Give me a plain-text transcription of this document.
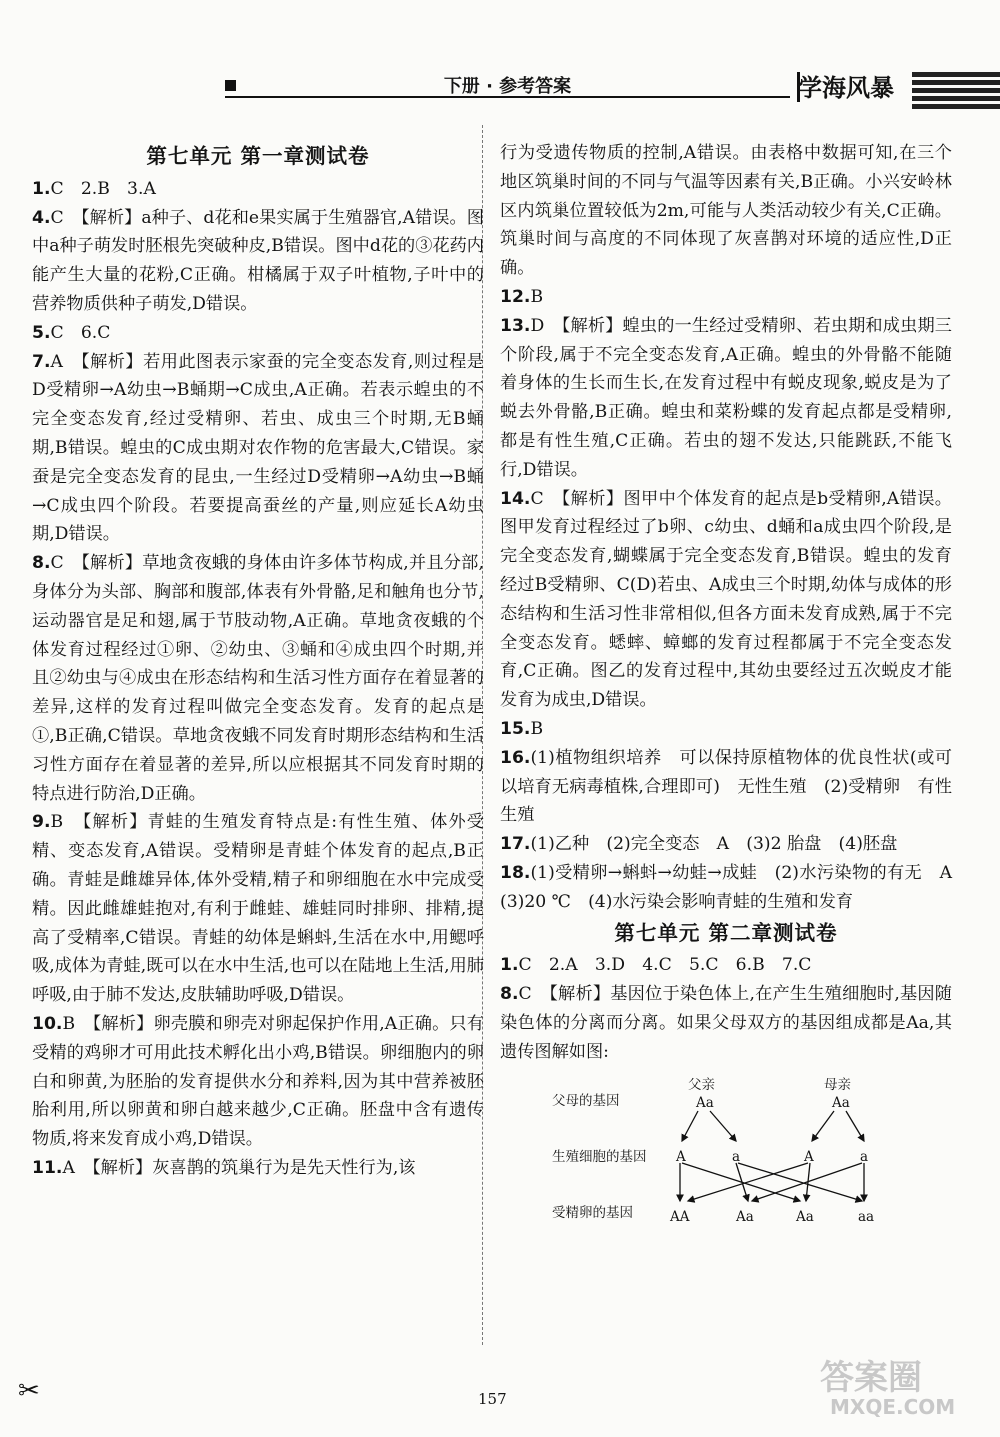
下册 · 参考答案	学海风暴
第七单元 第一章测试卷

1.C　2.B　3.A

4.C　【解析】a种子、d花和e果实属于生殖器官,A错误。图中a种子萌发时胚根先突破种皮,B错误。图中d花的③花药内能产生大量的花粉,C正确。柑橘属于双子叶植物,子叶中的营养物质供种子萌发,D错误。

5.C　6.C

7.A　【解析】若用此图表示家蚕的完全变态发育,则过程是D受精卵→A幼虫→B蛹期→C成虫,A正确。若表示蝗虫的不完全变态发育,经过受精卵、若虫、成虫三个时期,无B蛹期,B错误。蝗虫的C成虫期对农作物的危害最大,C错误。家蚕是完全变态发育的昆虫,一生经过D受精卵→A幼虫→B蛹→C成虫四个阶段。若要提高蚕丝的产量,则应延长A幼虫期,D错误。

8.C　【解析】草地贪夜蛾的身体由许多体节构成,并且分部,身体分为头部、胸部和腹部,体表有外骨骼,足和触角也分节,运动器官是足和翅,属于节肢动物,A正确。草地贪夜蛾的个体发育过程经过①卵、②幼虫、③蛹和④成虫四个时期,并且②幼虫与④成虫在形态结构和生活习性方面存在着显著的差异,这样的发育过程叫做完全变态发育。发育的起点是①,B正确,C错误。草地贪夜蛾不同发育时期形态结构和生活习性方面存在着显著的差异,所以应根据其不同发育时期的特点进行防治,D正确。

9.B　【解析】青蛙的生殖发育特点是:有性生殖、体外受精、变态发育,A错误。受精卵是青蛙个体发育的起点,B正确。青蛙是雌雄异体,体外受精,精子和卵细胞在水中完成受精。因此雌雄蛙抱对,有利于雌蛙、雄蛙同时排卵、排精,提高了受精率,C错误。青蛙的幼体是蝌蚪,生活在水中,用鳃呼吸,成体为青蛙,既可以在水中生活,也可以在陆地上生活,用肺呼吸,由于肺不发达,皮肤辅助呼吸,D错误。

10.B　【解析】卵壳膜和卵壳对卵起保护作用,A正确。只有受精的鸡卵才可用此技术孵化出小鸡,B错误。卵细胞内的卵白和卵黄,为胚胎的发育提供水分和养料,因为其中营养被胚胎利用,所以卵黄和卵白越来越少,C正确。胚盘中含有遗传物质,将来发育成小鸡,D错误。

11.A　【解析】灰喜鹊的筑巢行为是先天性行为,该

行为受遗传物质的控制,A错误。由表格中数据可知,在三个地区筑巢时间的不同与气温等因素有关,B正确。小兴安岭林区内筑巢位置较低为2m,可能与人类活动较少有关,C正确。筑巢时间与高度的不同体现了灰喜鹊对环境的适应性,D正确。

12.B

13.D　【解析】蝗虫的一生经过受精卵、若虫期和成虫期三个阶段,属于不完全变态发育,A正确。蝗虫的外骨骼不能随着身体的生长而生长,在发育过程中有蜕皮现象,蜕皮是为了蜕去外骨骼,B正确。蝗虫和菜粉蝶的发育起点都是受精卵,都是有性生殖,C正确。若虫的翅不发达,只能跳跃,不能飞行,D错误。

14.C　【解析】图甲中个体发育的起点是b受精卵,A错误。图甲发育过程经过了b卵、c幼虫、d蛹和a成虫四个阶段,是完全变态发育,蝴蝶属于完全变态发育,B错误。蝗虫的发育经过B受精卵、C(D)若虫、A成虫三个时期,幼体与成体的形态结构和生活习性非常相似,但各方面未发育成熟,属于不完全变态发育。蟋蟀、蟑螂的发育过程都属于不完全变态发育,C正确。图乙的发育过程中,其幼虫要经过五次蜕皮才能发育为成虫,D错误。

15.B

16.(1)植物组织培养　可以保持原植物体的优良性状(或可以培育无病毒植株,合理即可)　无性生殖　(2)受精卵　有性生殖

17.(1)乙种　(2)完全变态　A　(3)2 胎盘　(4)胚盘

18.(1)受精卵→蝌蚪→幼蛙→成蛙　(2)水污染物的有无　A　(3)20 ℃　(4)水污染会影响青蛙的生殖和发育

第七单元 第二章测试卷

1.C　2.A　3.D　4.C　5.C　6.B　7.C

8.C　【解析】基因位于染色体上,在产生生殖细胞时,基因随染色体的分离而分离。如果父母双方的基因组成都是Aa,其遗传图解如图:

父亲	母亲
父母的基因	Aa	Aa
生殖细胞的基因 A	a	A	a
受精卵的基因	AA	Aa	Aa	aa
✂	157
答案圈
MXQE.COM
